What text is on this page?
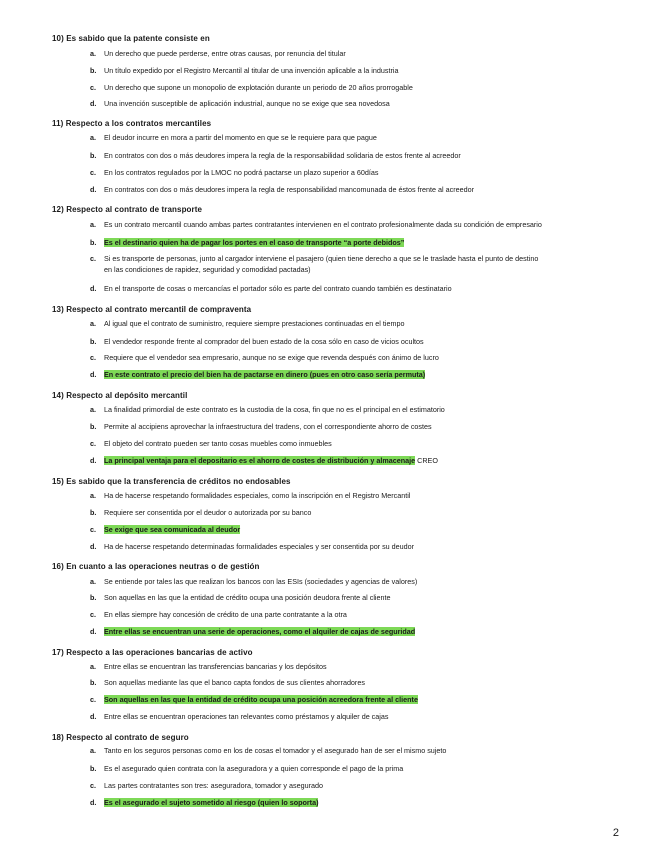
10) Es sabido que la patente consiste en
a. Un derecho que puede perderse, entre otras causas, por renuncia del titular
b. Un título expedido por el Registro Mercantil al titular de una invención aplicable a la industria
c. Un derecho que supone un monopolio de explotación durante un periodo de 20 años prorrogable
d. Una invención susceptible de aplicación industrial, aunque no se exige que sea novedosa
11) Respecto a los contratos mercantiles
a. El deudor incurre en mora a partir del momento en que se le requiere para que pague
b. En contratos con dos o más deudores impera la regla de la responsabilidad solidaria de estos frente al acreedor
c. En los contratos regulados por la LMOC no podrá pactarse un plazo superior a 60días
d. En contratos con dos o más deudores impera la regla de responsabilidad mancomunada de éstos frente al acreedor
12) Respecto al contrato de transporte
a. Es un contrato mercantil cuando ambas partes contratantes intervienen en el contrato profesionalmente dada su condición de empresario
b. Es el destinario quien ha de pagar los portes en el caso de transporte “a porte debidos”
c. Si es transporte de personas, junto al cargador interviene el pasajero (quien tiene derecho a que se le traslade hasta el punto de destino
en las condiciones de rapidez, seguridad y comodidad pactadas)
d. En el transporte de cosas o mercancías el portador sólo es parte del contrato cuando también es destinatario
13) Respecto al contrato mercantil de compraventa
a. Al igual que el contrato de suministro, requiere siempre prestaciones continuadas en el tiempo
b. El vendedor responde frente al comprador del buen estado de la cosa sólo en caso de vicios ocultos
c. Requiere que el vendedor sea empresario, aunque no se exige que revenda después con ánimo de lucro
d. En este contrato el precio del bien ha de pactarse en dinero (pues en otro caso sería permuta)
14) Respecto al depósito mercantil
a. La finalidad primordial de este contrato es la custodia de la cosa, fin que no es el principal en el estimatorio
b. Permite al accipiens aprovechar la infraestructura del tradens, con el correspondiente ahorro de costes
c. El objeto del contrato pueden ser tanto cosas muebles como inmuebles
d. La principal ventaja para el depositario es el ahorro de costes de distribución y almacenaje CREO
15) Es sabido que la transferencia de créditos no endosables
a. Ha de hacerse respetando formalidades especiales, como la inscripción en el Registro Mercantil
b. Requiere ser consentida por el deudor o autorizada por su banco
c. Se exige que sea comunicada al deudor
d. Ha de hacerse respetando determinadas formalidades especiales y ser consentida por su deudor
16) En cuanto a las operaciones neutras o de gestión
a. Se entiende por tales las que realizan los bancos con las ESIs (sociedades y agencias de valores)
b. Son aquellas en las que la entidad de crédito ocupa una posición deudora frente al cliente
c. En ellas siempre hay concesión de crédito de una parte contratante a la otra
d. Entre ellas se encuentran una serie de operaciones, como el alquiler de cajas de seguridad
17) Respecto a las operaciones bancarias de activo
a. Entre ellas se encuentran las transferencias bancarias y los depósitos
b. Son aquellas mediante las que el banco capta fondos de sus clientes ahorradores
c. Son aquellas en las que la entidad de crédito ocupa una posición acreedora frente al cliente
d. Entre ellas se encuentran operaciones tan relevantes como préstamos y alquiler de cajas
18) Respecto al contrato de seguro
a. Tanto en los seguros personas como en los de cosas el tomador y el asegurado han de ser el mismo sujeto
b. Es el asegurado quien contrata con la aseguradora y a quien corresponde el pago de la prima
c. Las partes contratantes son tres: aseguradora, tomador y asegurado
d. Es el asegurado el sujeto sometido al riesgo (quien lo soporta)
2
